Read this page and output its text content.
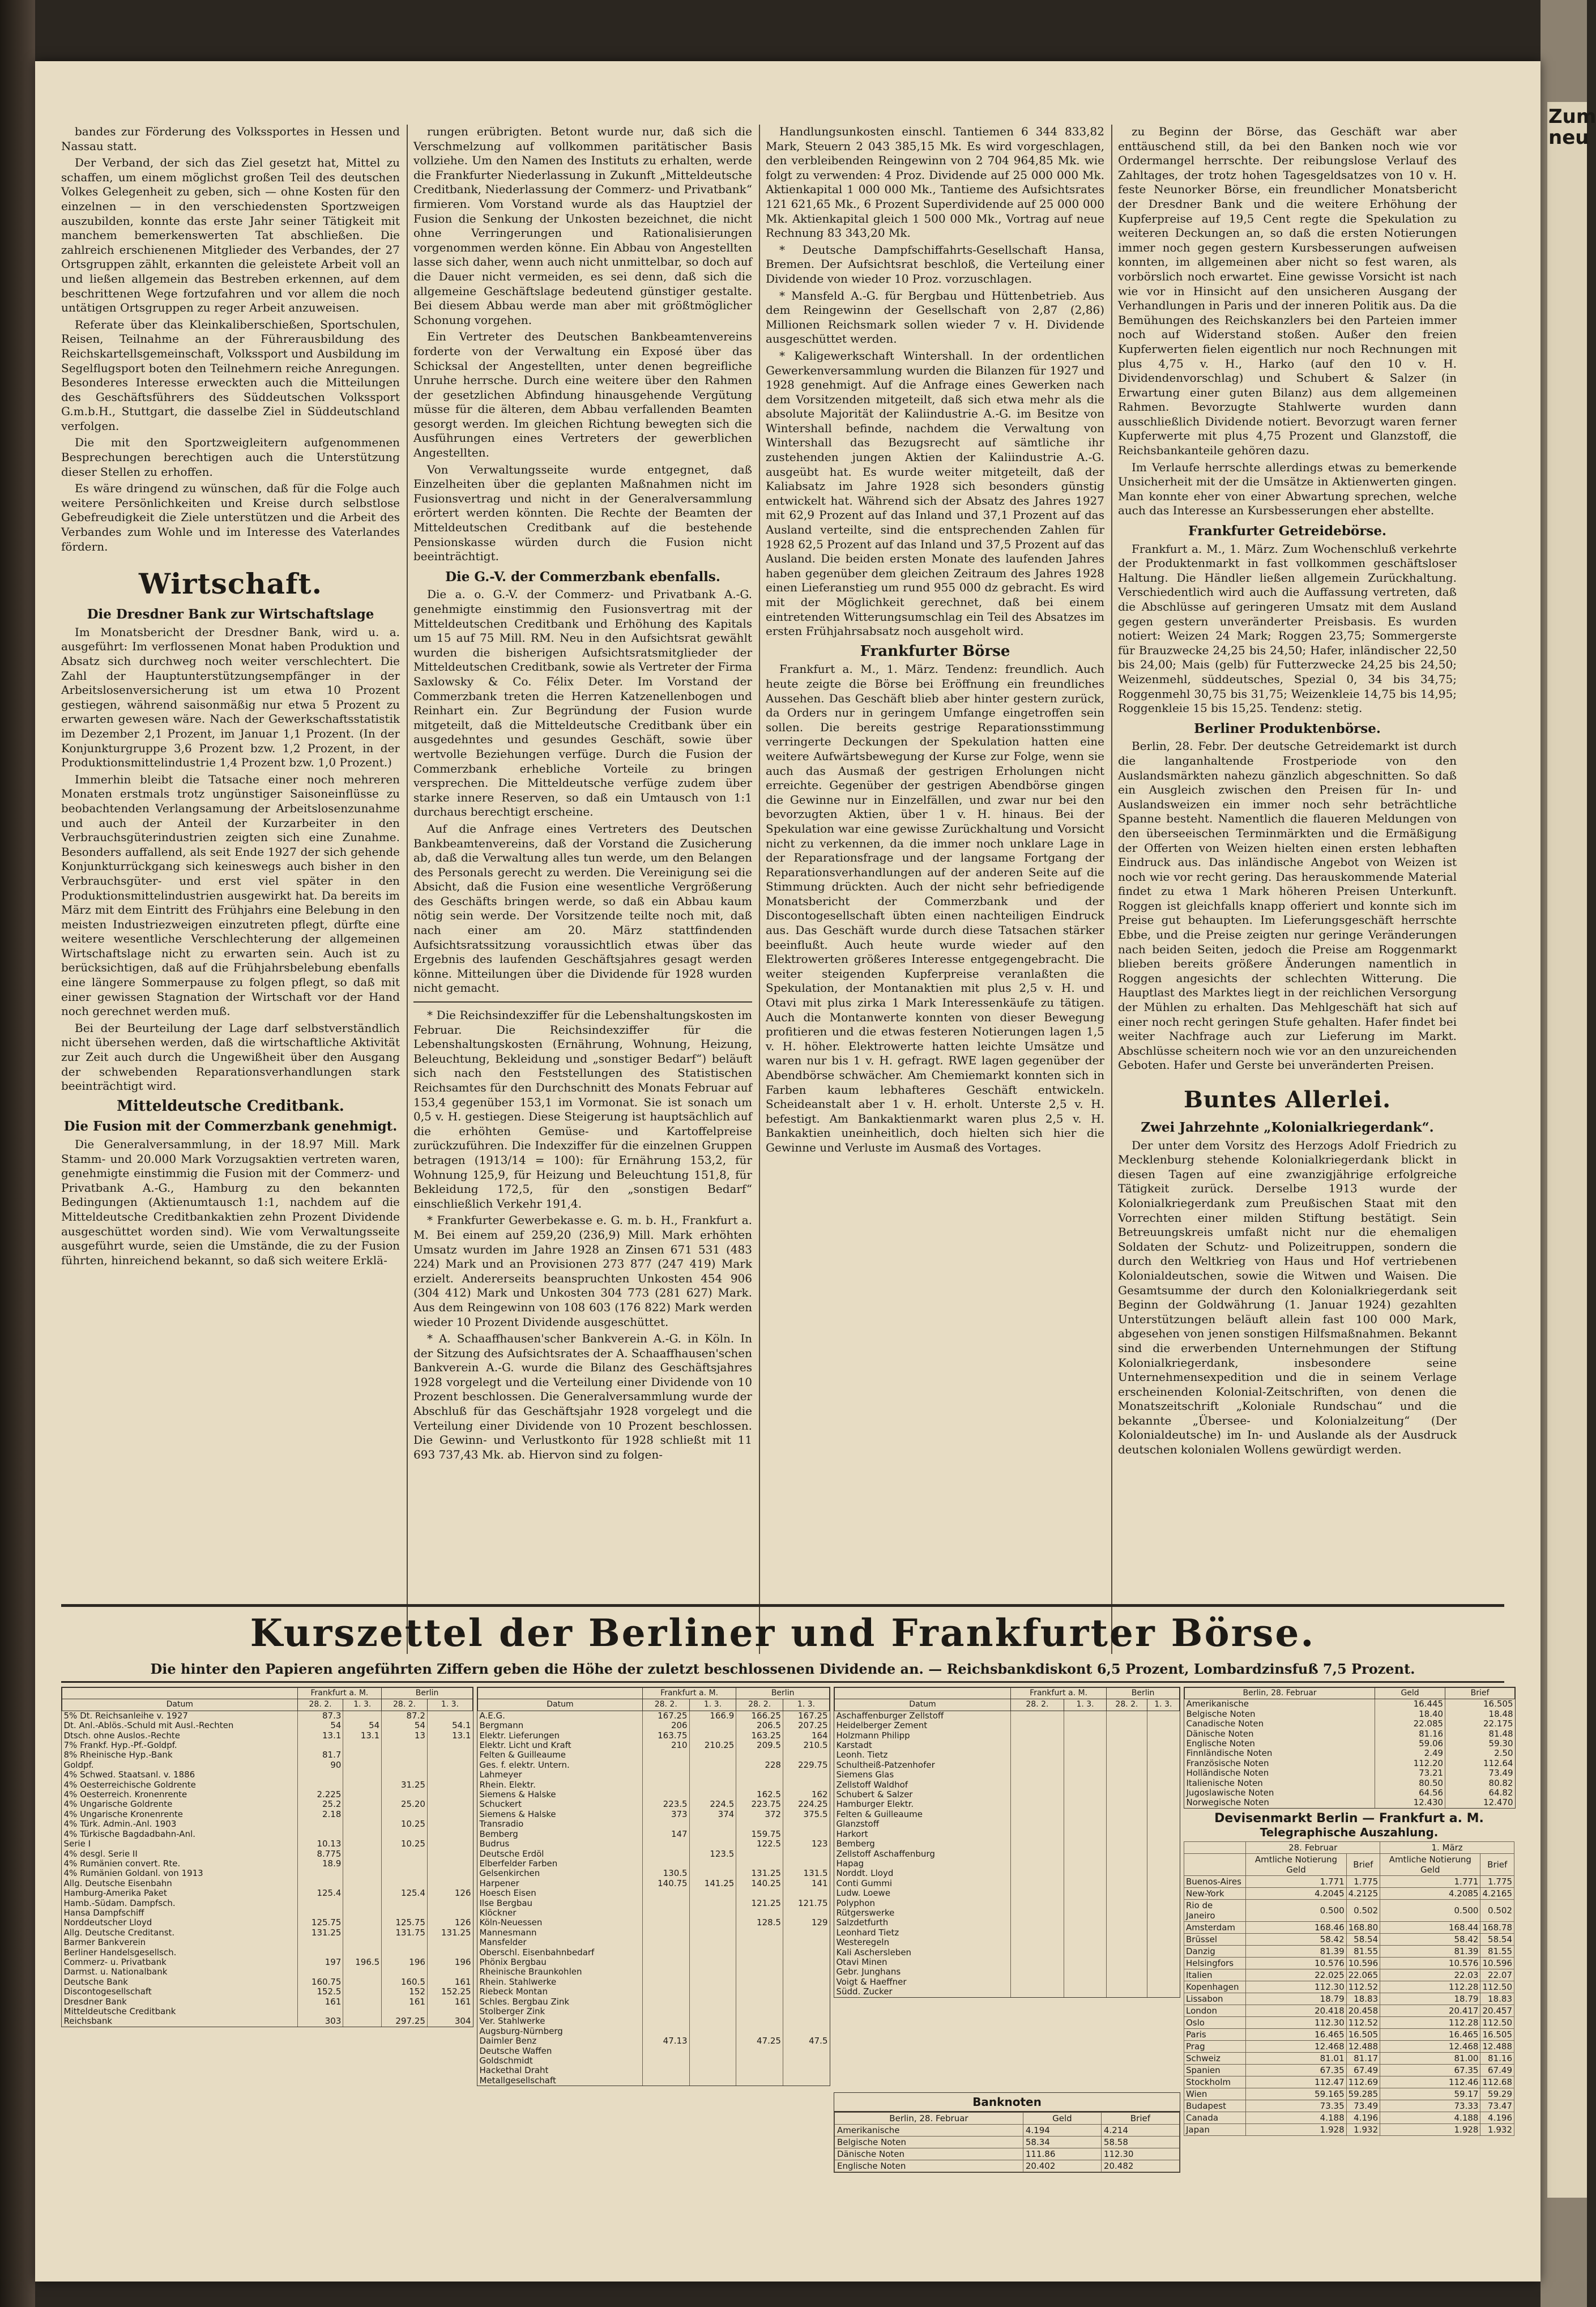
Zum neu

bandes zur Förderung des Volkssportes in Hessen und Nassau statt.

Der Verband, der sich das Ziel gesetzt hat, Mittel zu schaffen, um einem möglichst großen Teil des deutschen Volkes Gelegenheit zu geben, sich — ohne Kosten für den einzelnen — in den verschiedensten Sportzweigen auszubilden, konnte das erste Jahr seiner Tätigkeit mit manchem bemerkenswerten Tat abschließen. Die zahlreich erschienenen Mitglieder des Verbandes, der 27 Ortsgruppen zählt, erkannten die geleistete Arbeit voll an und ließen allgemein das Bestreben erkennen, auf dem beschrittenen Wege fortzufahren und vor allem die noch untätigen Ortsgruppen zu reger Arbeit anzuweisen.

Referate über das Kleinkaliberschießen, Sportschulen, Reisen, Teilnahme an der Führerausbildung des Reichskartellsgemeinschaft, Volkssport und Ausbildung im Segelflugsport boten den Teilnehmern reiche Anregungen. Besonderes Interesse erweckten auch die Mitteilungen des Geschäftsführers des Süddeutschen Volkssport G.m.b.H., Stuttgart, die dasselbe Ziel in Süddeutschland verfolgen.

Die mit den Sportzweigleitern aufgenommenen Besprechungen berechtigen auch die Unterstützung dieser Stellen zu erhoffen.

Es wäre dringend zu wünschen, daß für die Folge auch weitere Persönlichkeiten und Kreise durch selbstlose Gebefreudigkeit die Ziele unterstützen und die Arbeit des Verbandes zum Wohle und im Interesse des Vaterlandes fördern.

Wirtschaft.

Die Dresdner Bank zur Wirtschaftslage

Im Monatsbericht der Dresdner Bank, wird u. a. ausgeführt: Im verflossenen Monat haben Produktion und Absatz sich durchweg noch weiter verschlechtert. Die Zahl der Hauptunterstützungsempfänger in der Arbeitslosenversicherung ist um etwa 10 Prozent gestiegen, während saisonmäßig nur etwa 5 Prozent zu erwarten gewesen wäre. Nach der Gewerkschaftsstatistik im Dezember 2,1 Prozent, im Januar 1,1 Prozent. (In der Konjunkturgruppe 3,6 Prozent bzw. 1,2 Prozent, in der Produktionsmittelindustrie 1,4 Prozent bzw. 1,0 Prozent.)

Immerhin bleibt die Tatsache einer noch mehreren Monaten erstmals trotz ungünstiger Saisoneinflüsse zu beobachtenden Verlangsamung der Arbeitslosenzunahme und auch der Anteil der Kurzarbeiter in den Verbrauchsgüterindustrien zeigten sich eine Zunahme. Besonders auffallend, als seit Ende 1927 der sich gehende Konjunkturrückgang sich keineswegs auch bisher in den Verbrauchsgüter- und erst viel später in den Produktionsmittelindustrien ausgewirkt hat. Da bereits im März mit dem Eintritt des Frühjahrs eine Belebung in den meisten Industriezweigen einzutreten pflegt, dürfte eine weitere wesentliche Verschlechterung der allgemeinen Wirtschaftslage nicht zu erwarten sein. Auch ist zu berücksichtigen, daß auf die Frühjahrsbelebung ebenfalls eine längere Sommerpause zu folgen pflegt, so daß mit einer gewissen Stagnation der Wirtschaft vor der Hand noch gerechnet werden muß.

Bei der Beurteilung der Lage darf selbstverständlich nicht übersehen werden, daß die wirtschaftliche Aktivität zur Zeit auch durch die Ungewißheit über den Ausgang der schwebenden Reparationsverhandlungen stark beeinträchtigt wird.

Mitteldeutsche Creditbank.

Die Fusion mit der Commerzbank genehmigt.

Die Generalversammlung, in der 18.97 Mill. Mark Stamm- und 20.000 Mark Vorzugsaktien vertreten waren, genehmigte einstimmig die Fusion mit der Commerz- und Privatbank A.-G., Hamburg zu den bekannten Bedingungen (Aktienumtausch 1:1, nachdem auf die Mitteldeutsche Creditbankaktien zehn Prozent Dividende ausgeschüttet worden sind). Wie vom Verwaltungsseite ausgeführt wurde, seien die Umstände, die zu der Fusion führten, hinreichend bekannt, so daß sich weitere Erklä-

rungen erübrigten. Betont wurde nur, daß sich die Verschmelzung auf vollkommen paritätischer Basis vollziehe. Um den Namen des Instituts zu erhalten, werde die Frankfurter Niederlassung in Zukunft „Mitteldeutsche Creditbank, Niederlassung der Commerz- und Privatbank“ firmieren. Vom Vorstand wurde als das Hauptziel der Fusion die Senkung der Unkosten bezeichnet, die nicht ohne Verringerungen und Rationalisierungen vorgenommen werden könne. Ein Abbau von Angestellten lasse sich daher, wenn auch nicht unmittelbar, so doch auf die Dauer nicht vermeiden, es sei denn, daß sich die allgemeine Geschäftslage bedeutend günstiger gestalte. Bei diesem Abbau werde man aber mit größtmöglicher Schonung vorgehen.

Ein Vertreter des Deutschen Bankbeamtenvereins forderte von der Verwaltung ein Exposé über das Schicksal der Angestellten, unter denen begreifliche Unruhe herrsche. Durch eine weitere über den Rahmen der gesetzlichen Abfindung hinausgehende Vergütung müsse für die älteren, dem Abbau verfallenden Beamten gesorgt werden. Im gleichen Richtung bewegten sich die Ausführungen eines Vertreters der gewerblichen Angestellten.

Von Verwaltungsseite wurde entgegnet, daß Einzelheiten über die geplanten Maßnahmen nicht im Fusionsvertrag und nicht in der Generalversammlung erörtert werden könnten. Die Rechte der Beamten der Mitteldeutschen Creditbank auf die bestehende Pensionskasse würden durch die Fusion nicht beeinträchtigt.

Die G.-V. der Commerzbank ebenfalls.

Die a. o. G.-V. der Commerz- und Privatbank A.-G. genehmigte einstimmig den Fusionsvertrag mit der Mitteldeutschen Creditbank und Erhöhung des Kapitals um 15 auf 75 Mill. RM. Neu in den Aufsichtsrat gewählt wurden die bisherigen Aufsichtsratsmitglieder der Mitteldeutschen Creditbank, sowie als Vertreter der Firma Saxlowsky & Co. Félix Deter. Im Vorstand der Commerzbank treten die Herren Katzenellenbogen und Reinhart ein. Zur Begründung der Fusion wurde mitgeteilt, daß die Mitteldeutsche Creditbank über ein ausgedehntes und gesundes Geschäft, sowie über wertvolle Beziehungen verfüge. Durch die Fusion der Commerzbank erhebliche Vorteile zu bringen versprechen. Die Mitteldeutsche verfüge zudem über starke innere Reserven, so daß ein Umtausch von 1:1 durchaus berechtigt erscheine.

Auf die Anfrage eines Vertreters des Deutschen Bankbeamtenvereins, daß der Vorstand die Zusicherung ab, daß die Verwaltung alles tun werde, um den Belangen des Personals gerecht zu werden. Die Vereinigung sei die Absicht, daß die Fusion eine wesentliche Vergrößerung des Geschäfts bringen werde, so daß ein Abbau kaum nötig sein werde. Der Vorsitzende teilte noch mit, daß nach einer am 20. März stattfindenden Aufsichtsratssitzung voraussichtlich etwas über das Ergebnis des laufenden Geschäftsjahres gesagt werden könne. Mitteilungen über die Dividende für 1928 wurden nicht gemacht.

* Die Reichsindexziffer für die Lebenshaltungskosten im Februar. Die Reichsindexziffer für die Lebenshaltungskosten (Ernährung, Wohnung, Heizung, Beleuchtung, Bekleidung und „sonstiger Bedarf“) beläuft sich nach den Feststellungen des Statistischen Reichsamtes für den Durchschnitt des Monats Februar auf 153,4 gegenüber 153,1 im Vormonat. Sie ist sonach um 0,5 v. H. gestiegen. Diese Steigerung ist hauptsächlich auf die erhöhten Gemüse- und Kartoffelpreise zurückzuführen. Die Indexziffer für die einzelnen Gruppen betragen (1913/14 = 100): für Ernährung 153,2, für Wohnung 125,9, für Heizung und Beleuchtung 151,8, für Bekleidung 172,5, für den „sonstigen Bedarf“ einschließlich Verkehr 191,4.

* Frankfurter Gewerbekasse e. G. m. b. H., Frankfurt a. M. Bei einem auf 259,20 (236,9) Mill. Mark erhöhten Umsatz wurden im Jahre 1928 an Zinsen 671 531 (483 224) Mark und an Provisionen 273 877 (247 419) Mark erzielt. Andererseits beanspruchten Unkosten 454 906 (304 412) Mark und Unkosten 304 773 (281 627) Mark. Aus dem Reingewinn von 108 603 (176 822) Mark werden wieder 10 Prozent Dividende ausgeschüttet.

* A. Schaaffhausen'scher Bankverein A.-G. in Köln. In der Sitzung des Aufsichtsrates der A. Schaaffhausen'schen Bankverein A.-G. wurde die Bilanz des Geschäftsjahres 1928 vorgelegt und die Verteilung einer Dividende von 10 Prozent beschlossen. Die Generalversammlung wurde der Abschluß für das Geschäftsjahr 1928 vorgelegt und die Verteilung einer Dividende von 10 Prozent beschlossen. Die Gewinn- und Verlustkonto für 1928 schließt mit 11 693 737,43 Mk. ab. Hiervon sind zu folgen-

Handlungsunkosten einschl. Tantiemen 6 344 833,82 Mark, Steuern 2 043 385,15 Mk. Es wird vorgeschlagen, den verbleibenden Reingewinn von 2 704 964,85 Mk. wie folgt zu verwenden: 4 Proz. Dividende auf 25 000 000 Mk. Aktienkapital 1 000 000 Mk., Tantieme des Aufsichtsrates 121 621,65 Mk., 6 Prozent Superdividende auf 25 000 000 Mk. Aktienkapital gleich 1 500 000 Mk., Vortrag auf neue Rechnung 83 343,20 Mk.

* Deutsche Dampfschiffahrts-Gesellschaft Hansa, Bremen. Der Aufsichtsrat beschloß, die Verteilung einer Dividende von wieder 10 Proz. vorzuschlagen.

* Mansfeld A.-G. für Bergbau und Hüttenbetrieb. Aus dem Reingewinn der Gesellschaft von 2,87 (2,86) Millionen Reichsmark sollen wieder 7 v. H. Dividende ausgeschüttet werden.

* Kaligewerkschaft Wintershall. In der ordentlichen Gewerkenversammlung wurden die Bilanzen für 1927 und 1928 genehmigt. Auf die Anfrage eines Gewerken nach dem Vorsitzenden mitgeteilt, daß sich etwa mehr als die absolute Majorität der Kaliindustrie A.-G. im Besitze von Wintershall befinde, nachdem die Verwaltung von Wintershall das Bezugsrecht auf sämtliche ihr zustehenden jungen Aktien der Kaliindustrie A.-G. ausgeübt hat. Es wurde weiter mitgeteilt, daß der Kaliabsatz im Jahre 1928 sich besonders günstig entwickelt hat. Während sich der Absatz des Jahres 1927 mit 62,9 Prozent auf das Inland und 37,1 Prozent auf das Ausland verteilte, sind die entsprechenden Zahlen für 1928 62,5 Prozent auf das Inland und 37,5 Prozent auf das Ausland. Die beiden ersten Monate des laufenden Jahres haben gegenüber dem gleichen Zeitraum des Jahres 1928 einen Lieferanstieg um rund 955 000 dz gebracht. Es wird mit der Möglichkeit gerechnet, daß bei einem eintretenden Witterungsumschlag ein Teil des Absatzes im ersten Frühjahrsabsatz noch ausgeholt wird.

Frankfurter Börse

Frankfurt a. M., 1. März. Tendenz: freundlich. Auch heute zeigte die Börse bei Eröffnung ein freundliches Aussehen. Das Geschäft blieb aber hinter gestern zurück, da Orders nur in geringem Umfange eingetroffen sein sollen. Die bereits gestrige Reparationsstimmung verringerte Deckungen der Spekulation hatten eine weitere Aufwärtsbewegung der Kurse zur Folge, wenn sie auch das Ausmaß der gestrigen Erholungen nicht erreichte. Gegenüber der gestrigen Abendbörse gingen die Gewinne nur in Einzelfällen, und zwar nur bei den bevorzugten Aktien, über 1 v. H. hinaus. Bei der Spekulation war eine gewisse Zurückhaltung und Vorsicht nicht zu verkennen, da die immer noch unklare Lage in der Reparationsfrage und der langsame Fortgang der Reparationsverhandlungen auf der anderen Seite auf die Stimmung drückten. Auch der nicht sehr befriedigende Monatsbericht der Commerzbank und der Discontogesellschaft übten einen nachteiligen Eindruck aus. Das Geschäft wurde durch diese Tatsachen stärker beeinflußt. Auch heute wurde wieder auf den Elektrowerten größeres Interesse entgegengebracht. Die weiter steigenden Kupferpreise veranlaßten die Spekulation, der Montanaktien mit plus 2,5 v. H. und Otavi mit plus zirka 1 Mark Interessenkäufe zu tätigen. Auch die Montanwerte konnten von dieser Bewegung profitieren und die etwas festeren Notierungen lagen 1,5 v. H. höher. Elektrowerte hatten leichte Umsätze und waren nur bis 1 v. H. gefragt. RWE lagen gegenüber der Abendbörse schwächer. Am Chemiemarkt konnten sich in Farben kaum lebhafteres Geschäft entwickeln. Scheideanstalt aber 1 v. H. erholt. Unterste 2,5 v. H. befestigt. Am Bankaktienmarkt waren plus 2,5 v. H. Bankaktien uneinheitlich, doch hielten sich hier die Gewinne und Verluste im Ausmaß des Vortages.

zu Beginn der Börse, das Geschäft war aber enttäuschend still, da bei den Banken noch wie vor Ordermangel herrschte. Der reibungslose Verlauf des Zahltages, der trotz hohen Tagesgeldsatzes von 10 v. H. feste Neunorker Börse, ein freundlicher Monatsbericht der Dresdner Bank und die weitere Erhöhung der Kupferpreise auf 19,5 Cent regte die Spekulation zu weiteren Deckungen an, so daß die ersten Notierungen immer noch gegen gestern Kursbesserungen aufweisen konnten, im allgemeinen aber nicht so fest waren, als vorbörslich noch erwartet. Eine gewisse Vorsicht ist nach wie vor in Hinsicht auf den unsicheren Ausgang der Verhandlungen in Paris und der inneren Politik aus. Da die Bemühungen des Reichskanzlers bei den Parteien immer noch auf Widerstand stoßen. Außer den freien Kupferwerten fielen eigentlich nur noch Rechnungen mit plus 4,75 v. H., Harko (auf den 10 v. H. Dividendenvorschlag) und Schubert & Salzer (in Erwartung einer guten Bilanz) aus dem allgemeinen Rahmen. Bevorzugte Stahlwerte wurden dann ausschließlich Dividende notiert. Bevorzugt waren ferner Kupferwerte mit plus 4,75 Prozent und Glanzstoff, die Reichsbankanteile gehören dazu.

Im Verlaufe herrschte allerdings etwas zu bemerkende Unsicherheit mit der die Umsätze in Aktienwerten gingen. Man konnte eher von einer Abwartung sprechen, welche auch das Interesse an Kursbesserungen eher abstellte.

Frankfurter Getreidebörse.

Frankfurt a. M., 1. März. Zum Wochenschluß verkehrte der Produktenmarkt in fast vollkommen geschäftsloser Haltung. Die Händler ließen allgemein Zurückhaltung. Verschiedentlich wird auch die Auffassung vertreten, daß die Abschlüsse auf geringeren Umsatz mit dem Ausland gegen gestern unveränderter Preisbasis. Es wurden notiert: Weizen 24 Mark; Roggen 23,75; Sommergerste für Brauzwecke 24,25 bis 24,50; Hafer, inländischer 22,50 bis 24,00; Mais (gelb) für Futterzwecke 24,25 bis 24,50; Weizenmehl, süddeutsches, Spezial 0, 34 bis 34,75; Roggenmehl 30,75 bis 31,75; Weizenkleie 14,75 bis 14,95; Roggenkleie 15 bis 15,25. Tendenz: stetig.

Berliner Produktenbörse.

Berlin, 28. Febr. Der deutsche Getreidemarkt ist durch die langanhaltende Frostperiode von den Auslandsmärkten nahezu gänzlich abgeschnitten. So daß ein Ausgleich zwischen den Preisen für In- und Auslandsweizen ein immer noch sehr beträchtliche Spanne besteht. Namentlich die flaueren Meldungen von den überseeischen Terminmärkten und die Ermäßigung der Offerten von Weizen hielten einen ersten lebhaften Eindruck aus. Das inländische Angebot von Weizen ist noch wie vor recht gering. Das herauskommende Material findet zu etwa 1 Mark höheren Preisen Unterkunft. Roggen ist gleichfalls knapp offeriert und konnte sich im Preise gut behaupten. Im Lieferungsgeschäft herrschte Ebbe, und die Preise zeigten nur geringe Veränderungen nach beiden Seiten, jedoch die Preise am Roggenmarkt blieben bereits größere Änderungen namentlich in Roggen angesichts der schlechten Witterung. Die Hauptlast des Marktes liegt in der reichlichen Versorgung der Mühlen zu erhalten. Das Mehlgeschäft hat sich auf einer noch recht geringen Stufe gehalten. Hafer findet bei weiter Nachfrage auch zur Lieferung im Markt. Abschlüsse scheitern noch wie vor an den unzureichenden Geboten. Hafer und Gerste bei unveränderten Preisen.

Buntes Allerlei.

Zwei Jahrzehnte „Kolonialkriegerdank“.

Der unter dem Vorsitz des Herzogs Adolf Friedrich zu Mecklenburg stehende Kolonialkriegerdank blickt in diesen Tagen auf eine zwanzigjährige erfolgreiche Tätigkeit zurück. Derselbe 1913 wurde der Kolonialkriegerdank zum Preußischen Staat mit den Vorrechten einer milden Stiftung bestätigt. Sein Betreuungskreis umfaßt nicht nur die ehemaligen Soldaten der Schutz- und Polizeitruppen, sondern die durch den Weltkrieg von Haus und Hof vertriebenen Kolonialdeutschen, sowie die Witwen und Waisen. Die Gesamtsumme der durch den Kolonialkriegerdank seit Beginn der Goldwährung (1. Januar 1924) gezahlten Unterstützungen beläuft allein fast 100 000 Mark, abgesehen von jenen sonstigen Hilfsmaßnahmen. Bekannt sind die erwerbenden Unternehmungen der Stiftung Kolonialkriegerdank, insbesondere seine Unternehmensexpedition und die in seinem Verlage erscheinenden Kolonial-Zeitschriften, von denen die Monatszeitschrift „Koloniale Rundschau“ und die bekannte „Übersee- und Kolonialzeitung“ (Der Kolonialdeutsche) im In- und Auslande als der Ausdruck deutschen kolonialen Wollens gewürdigt werden.

Kurszettel der Berliner und Frankfurter Börse.
Die hinter den Papieren angeführten Ziffern geben die Höhe der zuletzt beschlossenen Dividende an. — Reichsbankdiskont 6,5 Prozent, Lombardzinsfuß 7,5 Prozent.
	Frankfurt a. M.		Berlin	
Datum	28. 2.	1. 3.	28. 2.	1. 3.
5% Dt. Reichsanleihe v. 1927	87.3		87.2	
Dt. Anl.-Ablös.-Schuld mit Ausl.-Rechten	54	54	54	54.1
Dtsch. ohne Auslos.-Rechte	13.1	13.1	13	13.1
7% Frankf. Hyp.-Pf.-Goldpf.				
8% Rheinische Hyp.-Bank	81.7			
Goldpf.	90			
4% Schwed. Staatsanl. v. 1886				
4% Oesterreichische Goldrente			31.25	
4% Oesterreich. Kronenrente	2.225			
4% Ungarische Goldrente	25.2		25.20	
4% Ungarische Kronenrente	2.18			
4% Türk. Admin.-Anl. 1903			10.25	
4% Türkische Bagdadbahn-Anl.				
Serie I	10.13		10.25	
4% desgl. Serie II	8.775			
4% Rumänien convert. Rte.	18.9			
4% Rumänien Goldanl. von 1913				
Allg. Deutsche Eisenbahn				
Hamburg-Amerika Paket	125.4		125.4	126
Hamb.-Südam. Dampfsch.				
Hansa Dampfschiff				
Norddeutscher Lloyd	125.75		125.75	126
Allg. Deutsche Creditanst.	131.25		131.75	131.25
Barmer Bankverein				
Berliner Handelsgesellsch.				
Commerz- u. Privatbank	197	196.5	196	196
Darmst. u. Nationalbank				
Deutsche Bank	160.75		160.5	161
Discontogesellschaft	152.5		152	152.25
Dresdner Bank	161		161	161
Mitteldeutsche Creditbank				
Reichsbank	303		297.25	304
	Frankfurt a. M.		Berlin	
Datum	28. 2.	1. 3.	28. 2.	1. 3.
A.E.G.	167.25	166.9	166.25	167.25
Bergmann	206		206.5	207.25
Elektr. Lieferungen	163.75		163.25	164
Elektr. Licht und Kraft	210	210.25	209.5	210.5
Felten & Guilleaume				
Ges. f. elektr. Untern.			228	229.75
Lahmeyer				
Rhein. Elektr.				
Siemens & Halske			162.5	162
Schuckert	223.5	224.5	223.75	224.25
Siemens & Halske	373	374	372	375.5
Transradio				
Bemberg	147		159.75	
Budrus			122.5	123
Deutsche Erdöl		123.5		
Elberfelder Farben				
Gelsenkirchen	130.5		131.25	131.5
Harpener	140.75	141.25	140.25	141
Hoesch Eisen				
Ilse Bergbau			121.25	121.75
Klöckner				
Köln-Neuessen			128.5	129
Mannesmann				
Mansfelder				
Oberschl. Eisenbahnbedarf				
Phönix Bergbau				
Rheinische Braunkohlen				
Rhein. Stahlwerke				
Riebeck Montan				
Schles. Bergbau Zink				
Stolberger Zink				
Ver. Stahlwerke				
Augsburg-Nürnberg				
Daimler Benz	47.13		47.25	47.5
Deutsche Waffen				
Goldschmidt				
Hackethal Draht				
Metallgesellschaft				
	Frankfurt a. M.		Berlin	
Datum	28. 2.	1. 3.	28. 2.	1. 3.
Aschaffenburger Zellstoff				
Heidelberger Zement				
Holzmann Philipp				
Karstadt				
Leonh. Tietz				
Schultheiß-Patzenhofer				
Siemens Glas				
Zellstoff Waldhof				
Schubert & Salzer				
Hamburger Elektr.				
Felten & Guilleaume				
Glanzstoff				
Harkort				
Bemberg				
Zellstoff Aschaffenburg				
Hapag				
Norddt. Lloyd				
Conti Gummi				
Ludw. Loewe				
Polyphon				
Rütgerswerke				
Salzdetfurth				
Leonhard Tietz				
Westeregeln				
Kali Aschersleben				
Otavi Minen				
Gebr. Junghans				
Voigt & Haeffner				
Südd. Zucker				
Banknoten
Berlin, 28. Februar	Geld	Brief
Amerikanische	4.194	4.214
Belgische Noten	58.34	58.58
Dänische Noten	111.86	112.30
Englische Noten	20.402	20.482
Berlin, 28. Februar	Geld	Brief
Amerikanische	16.445	16.505
Belgische Noten	18.40	18.48
Canadische Noten	22.085	22.175
Dänische Noten	81.16	81.48
Englische Noten	59.06	59.30
Finnländische Noten	2.49	2.50
Französische Noten	112.20	112.64
Holländische Noten	73.21	73.49
Italienische Noten	80.50	80.82
Jugoslawische Noten	64.56	64.82
Norwegische Noten	12.430	12.470
Devisenmarkt Berlin — Frankfurt a. M.
Telegraphische Auszahlung.
	28. Februar		1. März	
	Amtliche Notierung Geld	Brief	Amtliche Notierung Geld	Brief
Buenos-Aires	1.771	1.775	1.771	1.775
New-York	4.2045	4.2125	4.2085	4.2165
Rio de Janeiro	0.500	0.502	0.500	0.502
Amsterdam	168.46	168.80	168.44	168.78
Brüssel	58.42	58.54	58.42	58.54
Danzig	81.39	81.55	81.39	81.55
Helsingfors	10.576	10.596	10.576	10.596
Italien	22.025	22.065	22.03	22.07
Kopenhagen	112.30	112.52	112.28	112.50
Lissabon	18.79	18.83	18.79	18.83
London	20.418	20.458	20.417	20.457
Oslo	112.30	112.52	112.28	112.50
Paris	16.465	16.505	16.465	16.505
Prag	12.468	12.488	12.468	12.488
Schweiz	81.01	81.17	81.00	81.16
Spanien	67.35	67.49	67.35	67.49
Stockholm	112.47	112.69	112.46	112.68
Wien	59.165	59.285	59.17	59.29
Budapest	73.35	73.49	73.33	73.47
Canada	4.188	4.196	4.188	4.196
Japan	1.928	1.932	1.928	1.932
